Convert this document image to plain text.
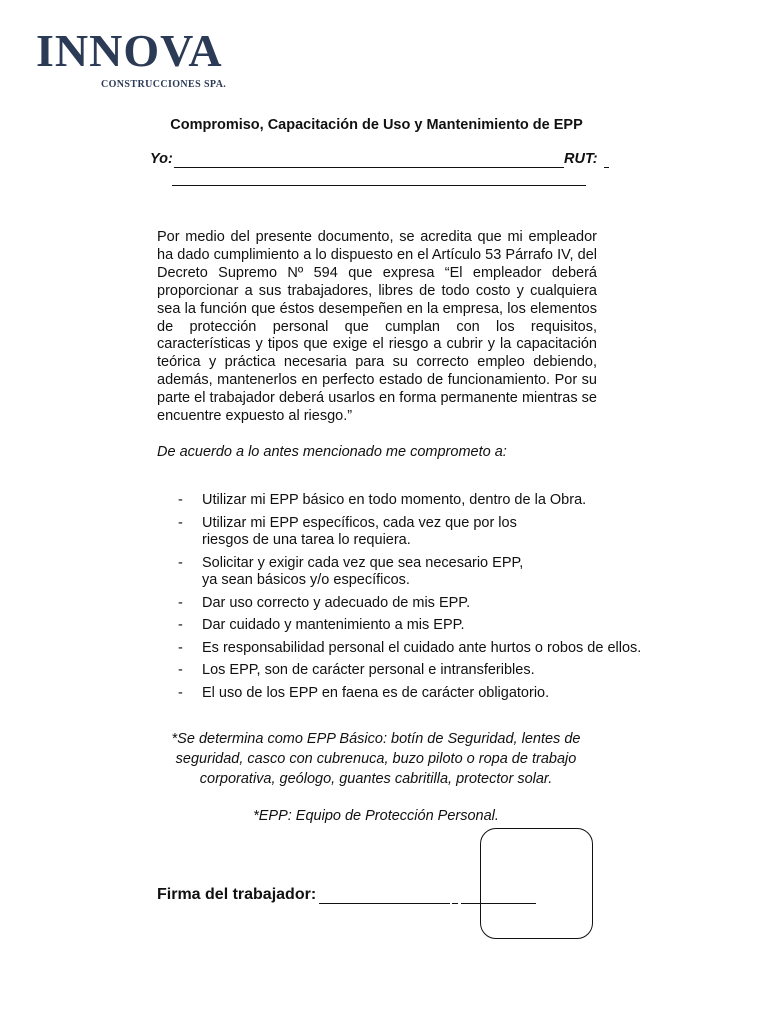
INNOVA
CONSTRUCCIONES SPA.
Compromiso, Capacitación de Uso y Mantenimiento de EPP
Yo:	RUT:

Por medio del presente documento, se acredita que mi empleador ha dado cumplimiento a lo dispuesto en el Artículo 53 Párrafo IV, del Decreto Supremo Nº 594 que expresa “El empleador deberá proporcionar a sus trabajadores, libres de todo costo y cualquiera sea la función que éstos desempeñen en la empresa, los elementos de protección personal que cumplan con los requisitos, características y tipos que exige el riesgo a cubrir y la capacitación teórica y práctica necesaria para su correcto empleo debiendo, además, mantenerlos en perfecto estado de funcionamiento. Por su parte el trabajador deberá usarlos en forma permanente mientras se encuentre expuesto al riesgo.”

De acuerdo a lo antes mencionado me comprometo a:

- Utilizar mi EPP básico en todo momento, dentro de la Obra.
- Utilizar mi EPP específicos, cada vez que por los
riesgos de una tarea lo requiera.
- Solicitar y exigir cada vez que sea necesario EPP,
ya sean básicos y/o específicos.
- Dar uso correcto y adecuado de mis EPP.
- Dar cuidado y mantenimiento a mis EPP.
- Es responsabilidad personal el cuidado ante hurtos o robos de ellos.
- Los EPP, son de carácter personal e intransferibles.
- El uso de los EPP en faena es de carácter obligatorio.

*Se determina como EPP Básico: botín de Seguridad, lentes de
seguridad, casco con cubrenuca, buzo piloto o ropa de trabajo
corporativa, geólogo, guantes cabritilla, protector solar.

*EPP: Equipo de Protección Personal.

Firma del trabajador:
